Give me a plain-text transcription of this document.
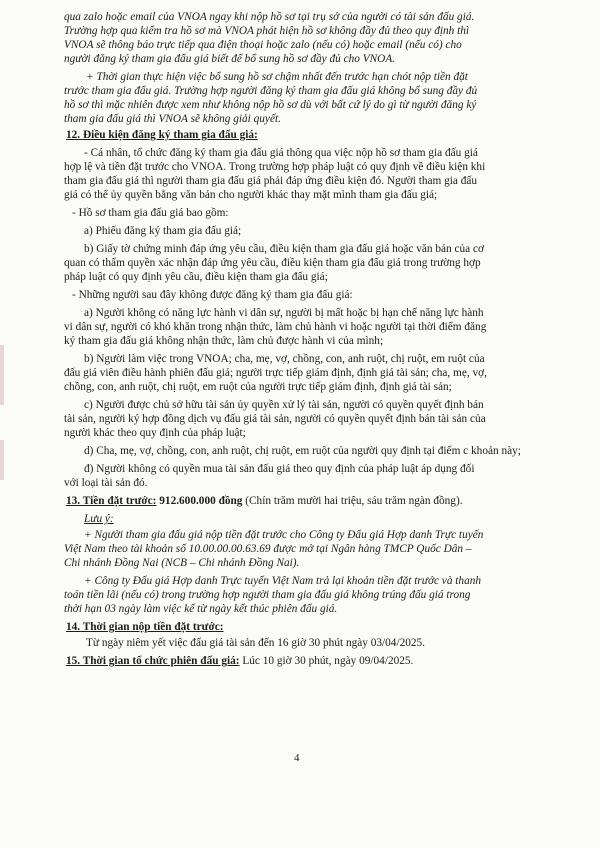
qua zalo hoặc email của VNOA ngay khi nộp hồ sơ tại trụ sở của người có tài sản đấu giá.
Trường hợp qua kiểm tra hồ sơ mà VNOA phát hiện hồ sơ không đầy đủ theo quy định thì
VNOA sẽ thông báo trực tiếp qua điện thoại hoặc zalo (nếu có) hoặc email (nếu có) cho
người đăng ký tham gia đấu giá biết để bổ sung hồ sơ đầy đủ cho VNOA.
+ Thời gian thực hiện việc bổ sung hồ sơ chậm nhất đến trước hạn chót nộp tiền đặt
trước tham gia đấu giá. Trường hợp người đăng ký tham gia đấu giá không bổ sung đầy đủ
hồ sơ thì mặc nhiên được xem như không nộp hồ sơ dù với bất cứ lý do gì từ người đăng ký
tham gia đấu giá thì VNOA sẽ không giải quyết.
12. Điều kiện đăng ký tham gia đấu giá:
- Cá nhân, tổ chức đăng ký tham gia đấu giá thông qua việc nộp hồ sơ tham gia đấu giá
hợp lệ và tiền đặt trước cho VNOA. Trong trường hợp pháp luật có quy định về điều kiện khi
tham gia đấu giá thì người tham gia đấu giá phải đáp ứng điều kiện đó. Người tham gia đấu
giá có thể ủy quyền bằng văn bản cho người khác thay mặt mình tham gia đấu giá;
- Hồ sơ tham gia đấu giá bao gồm:
a) Phiếu đăng ký tham gia đấu giá;
b) Giấy tờ chứng minh đáp ứng yêu cầu, điều kiện tham gia đấu giá hoặc văn bản của cơ
quan có thẩm quyền xác nhận đáp ứng yêu cầu, điều kiện tham gia đấu giá trong trường hợp
pháp luật có quy định yêu cầu, điều kiện tham gia đấu giá;
- Những người sau đây không được đăng ký tham gia đấu giá:
a) Người không có năng lực hành vi dân sự, người bị mất hoặc bị hạn chế năng lực hành
vi dân sự, người có khó khăn trong nhận thức, làm chủ hành vi hoặc người tại thời điểm đăng
ký tham gia đấu giá không nhận thức, làm chủ được hành vi của mình;
b) Người làm việc trong VNOA; cha, mẹ, vợ, chồng, con, anh ruột, chị ruột, em ruột của
đấu giá viên điều hành phiên đấu giá; người trực tiếp giám định, định giá tài sản; cha, mẹ, vợ,
chồng, con, anh ruột, chị ruột, em ruột của người trực tiếp giám định, định giá tài sản;
c) Người được chủ sở hữu tài sản ủy quyền xử lý tài sản, người có quyền quyết định bán
tài sản, người ký hợp đồng dịch vụ đấu giá tài sản, người có quyền quyết định bán tài sản của
người khác theo quy định của pháp luật;
d) Cha, mẹ, vợ, chồng, con, anh ruột, chị ruột, em ruột của người quy định tại điểm c khoản này;
đ) Người không có quyền mua tài sản đấu giá theo quy định của pháp luật áp dụng đối
với loại tài sản đó.
13. Tiền đặt trước: 912.600.000 đồng (Chín trăm mười hai triệu, sáu trăm ngàn đồng).
Lưu ý:
+ Người tham gia đấu giá nộp tiền đặt trước cho Công ty Đấu giá Hợp danh Trực tuyến
Việt Nam theo tài khoản số 10.00.00.00.63.69 được mở tại Ngân hàng TMCP Quốc Dân –
Chi nhánh Đồng Nai (NCB – Chi nhánh Đồng Nai).
+ Công ty Đấu giá Hợp danh Trực tuyến Việt Nam trả lại khoản tiền đặt trước và thanh
toán tiền lãi (nếu có) trong trường hợp người tham gia đấu giá không trúng đấu giá trong
thời hạn 03 ngày làm việc kể từ ngày kết thúc phiên đấu giá.
14. Thời gian nộp tiền đặt trước:
Từ ngày niêm yết việc đấu giá tài sản đến 16 giờ 30 phút ngày 03/04/2025.
15. Thời gian tổ chức phiên đấu giá: Lúc 10 giờ 30 phút, ngày 09/04/2025.
4
